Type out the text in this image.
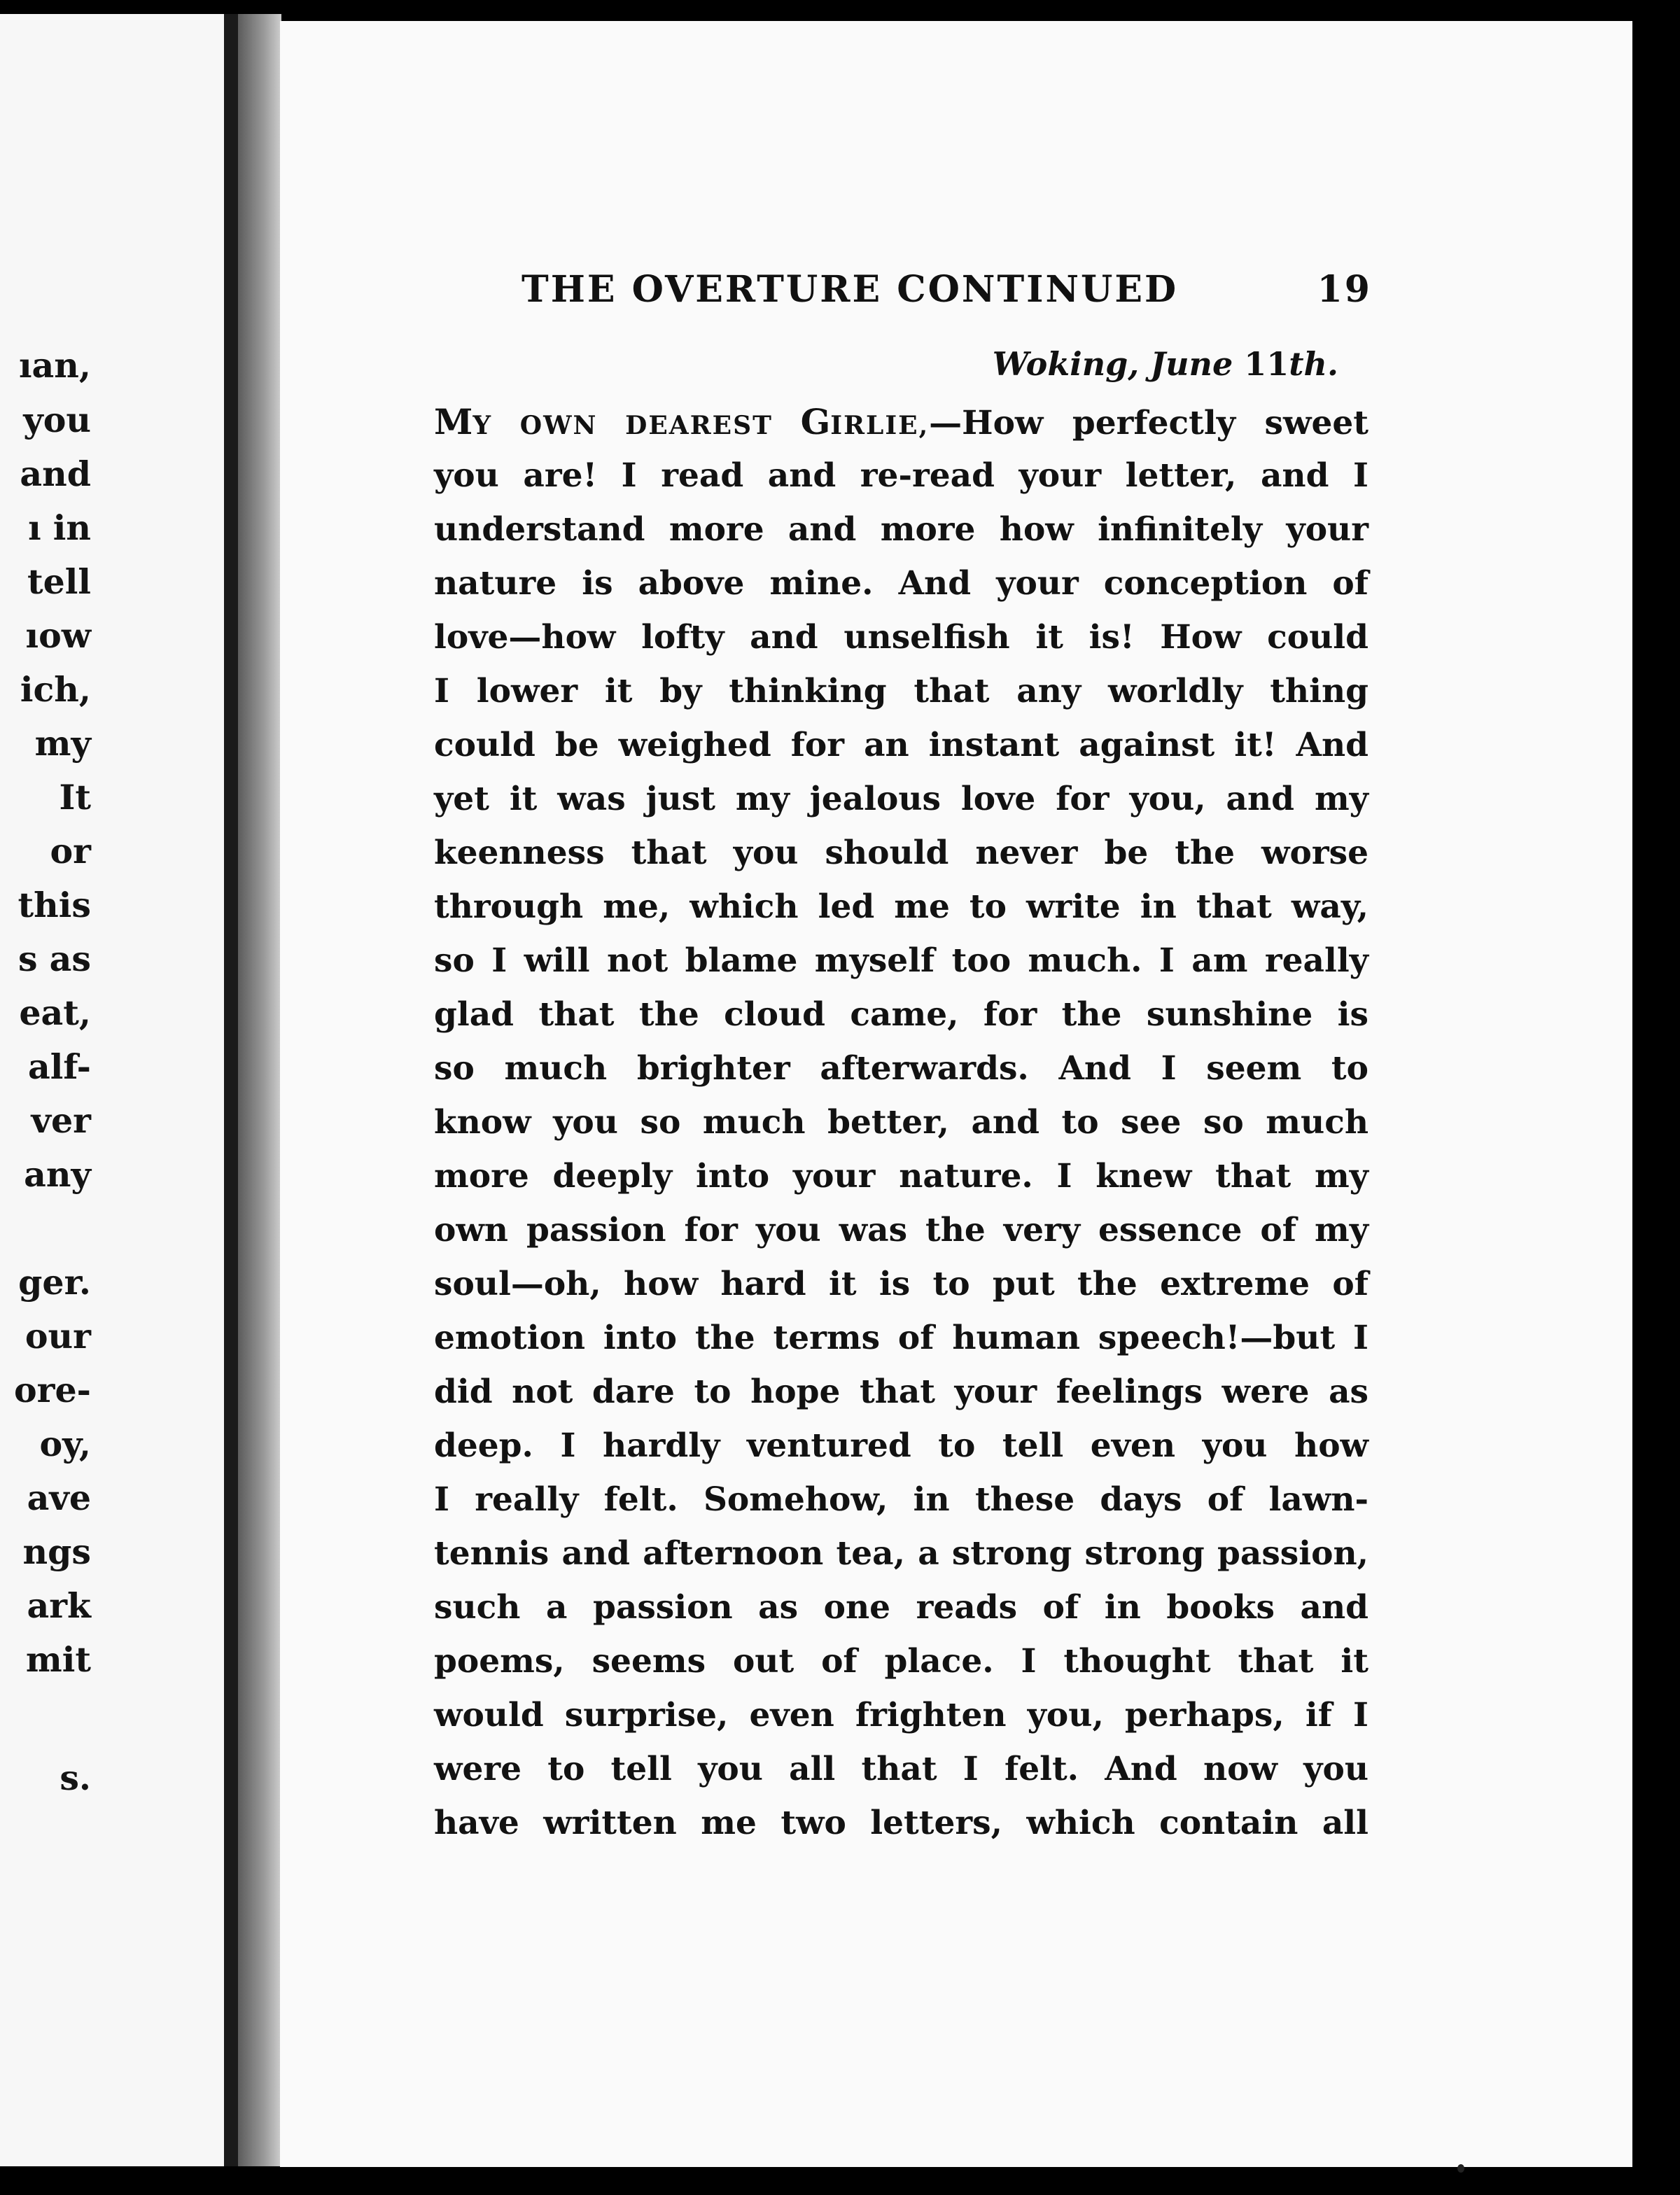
ıan,
you
and
ı in
tell
ıow
ich,
my
It
or
this
s as
eat,
alf-
ver
any
ger.
our
ore-
oy,
ave
ngs
ark
mit
s.
THE OVERTURE CONTINUED	19
Woking, June 11th.
MY OWN DEAREST GIRLIE,—How perfectly sweet
you are! I read and re-read your letter, and I
understand more and more how infinitely your
nature is above mine. And your conception of
love—how lofty and unselfish it is! How could
I lower it by thinking that any worldly thing
could be weighed for an instant against it! And
yet it was just my jealous love for you, and my
keenness that you should never be the worse
through me, which led me to write in that way,
so I will not blame myself too much. I am really
glad that the cloud came, for the sunshine is
so much brighter afterwards. And I seem to
know you so much better, and to see so much
more deeply into your nature. I knew that my
own passion for you was the very essence of my
soul—oh, how hard it is to put the extreme of
emotion into the terms of human speech!—but I
did not dare to hope that your feelings were as
deep. I hardly ventured to tell even you how
I really felt. Somehow, in these days of lawn-
tennis and afternoon tea, a strong strong passion,
such a passion as one reads of in books and
poems, seems out of place. I thought that it
would surprise, even frighten you, perhaps, if I
were to tell you all that I felt. And now you
have written me two letters, which contain all
